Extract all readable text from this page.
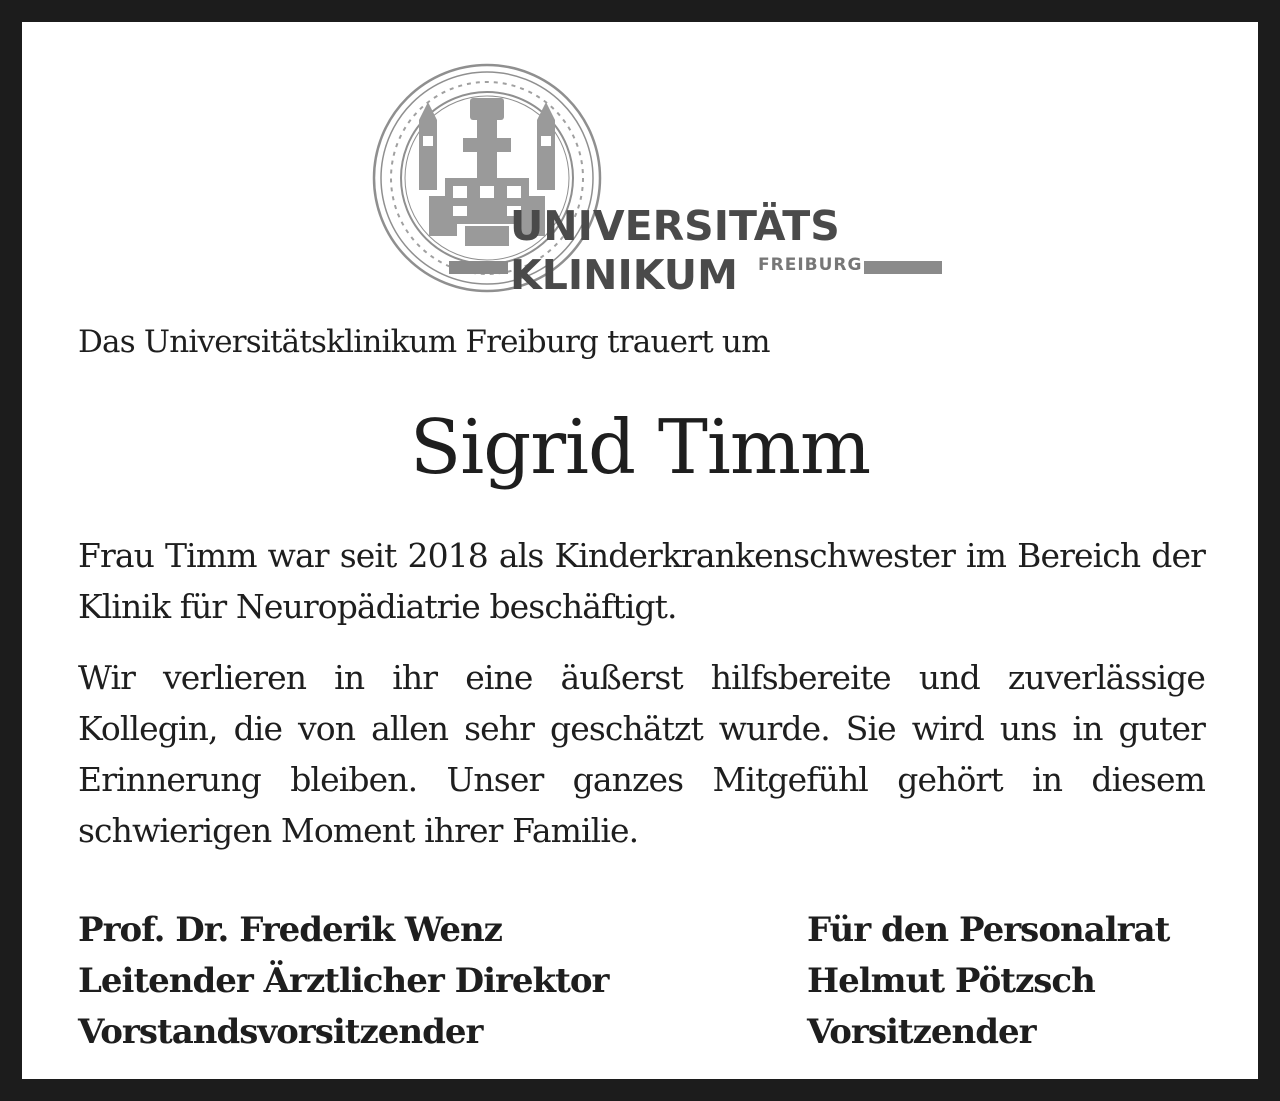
UNIVERSITÄTS
KLINIKUM FREIBURG
Das Universitätsklinikum Freiburg trauert um
Sigrid Timm
Frau Timm war seit 2018 als Kinderkrankenschwester im Bereich der Klinik für Neuropädiatrie beschäftigt.
Wir verlieren in ihr eine äußerst hilfsbereite und zuverlässige Kollegin, die von allen sehr geschätzt wurde. Sie wird uns in guter Erinnerung bleiben. Unser ganzes Mitgefühl gehört in diesem schwierigen Moment ihrer Familie.
Prof. Dr. Frederik Wenz
Leitender Ärztlicher Direktor
Vorstandsvorsitzender
Für den Personalrat
Helmut Pötzsch
Vorsitzender
